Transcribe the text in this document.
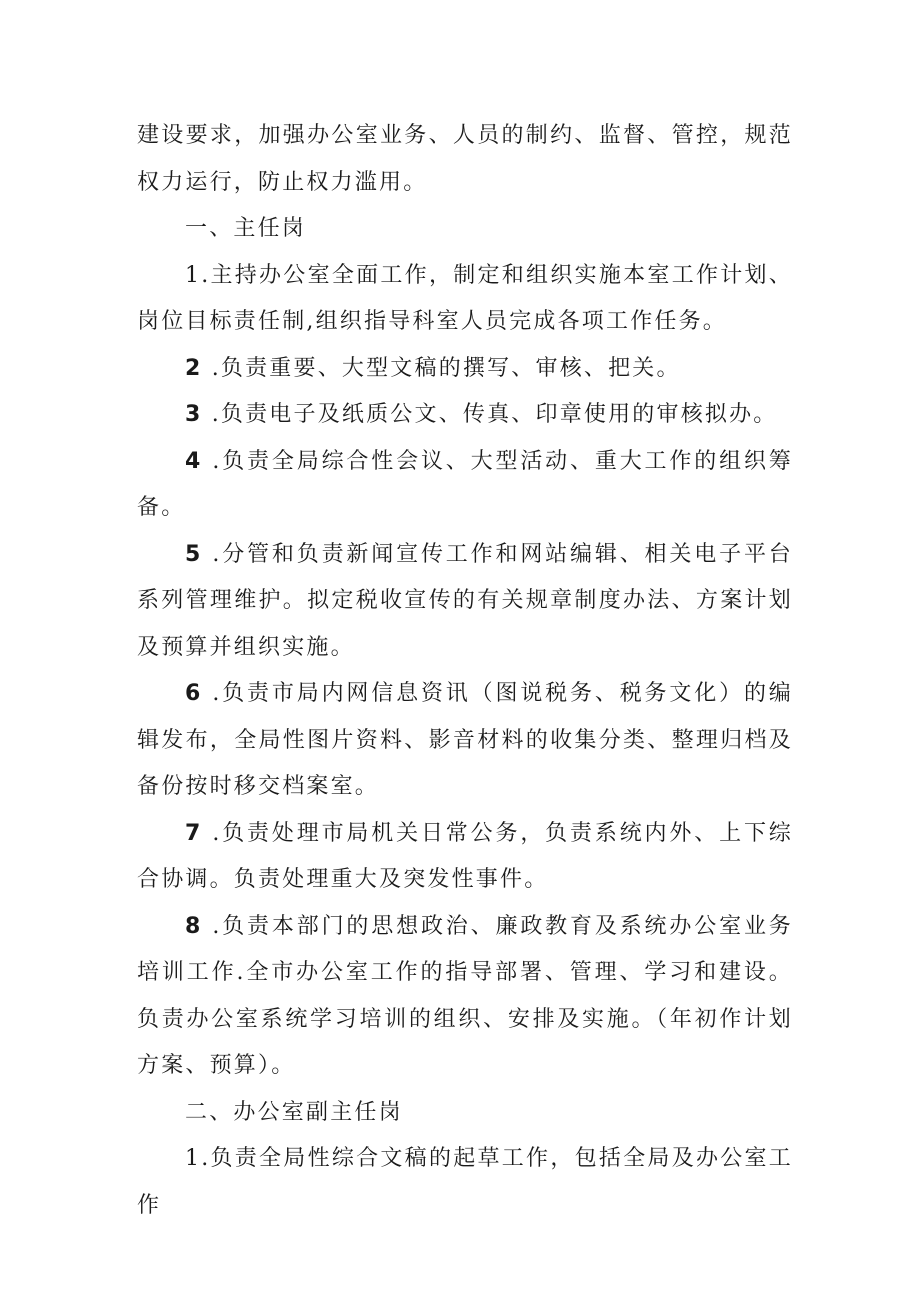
建设要求，加强办公室业务、人员的制约、监督、管控，规范权力运行，防止权力滥用。

一、主任岗

1.主持办公室全面工作，制定和组织实施本室工作计划、岗位目标责任制,组织指导科室人员完成各项工作任务。

2 .负责重要、大型文稿的撰写、审核、把关。

3 .负责电子及纸质公文、传真、印章使用的审核拟办。

4 .负责全局综合性会议、大型活动、重大工作的组织筹备。

5 .分管和负责新闻宣传工作和网站编辑、相关电子平台系列管理维护。拟定税收宣传的有关规章制度办法、方案计划及预算并组织实施。

6 .负责市局内网信息资讯（图说税务、税务文化）的编辑发布，全局性图片资料、影音材料的收集分类、整理归档及备份按时移交档案室。

7 .负责处理市局机关日常公务，负责系统内外、上下综合协调。负责处理重大及突发性事件。

8 .负责本部门的思想政治、廉政教育及系统办公室业务培训工作.全市办公室工作的指导部署、管理、学习和建设。负责办公室系统学习培训的组织、安排及实施。（年初作计划方案、预算）。

二、办公室副主任岗

1.负责全局性综合文稿的起草工作，包括全局及办公室工作
